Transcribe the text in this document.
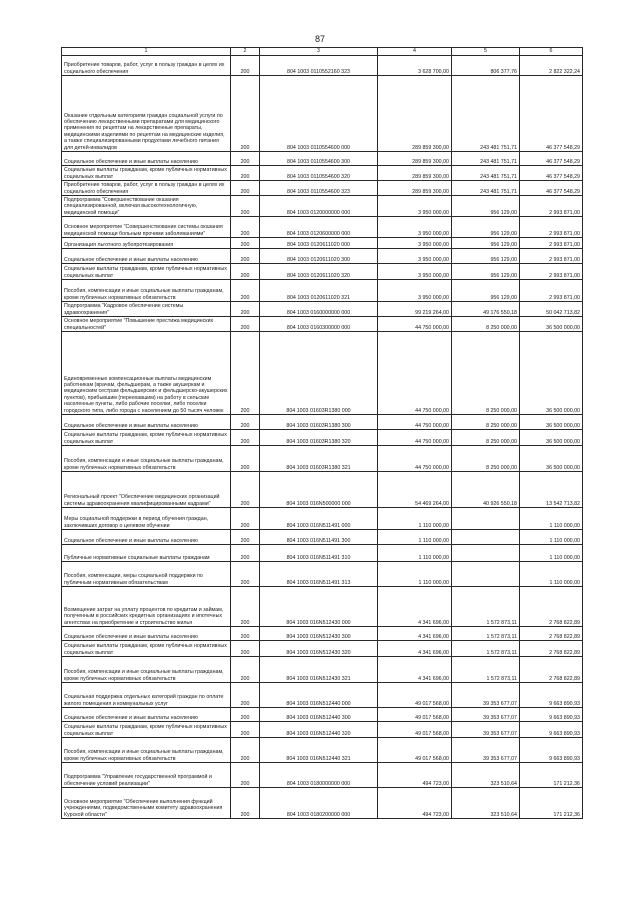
87
1	2	3	4	5	6
Приобретение товаров, работ, услуг в пользу граждан в целях их социального обеспечения	200	804 1003 0110552160 323	3 628 700,00	806 377,76	2 822 322,24
Оказание отдельным категориям граждан социальной услуги по обеспечению лекарственными препаратами для медицинского применения по рецептам на лекарственные препараты, медицинскими изделиями по рецептам на медицинские изделия, а также специализированными продуктами лечебного питания для детей-инвалидов	200	804 1003 0110554600 000	289 859 300,00	243 481 751,71	46 377 548,29
Социальное обеспечение и иные выплаты населению	200	804 1003 0110554600 300	289 859 300,00	243 481 751,71	46 377 548,29
Социальные выплаты гражданам, кроме публичных нормативных социальных выплат	200	804 1003 0110554600 320	289 859 300,00	243 481 751,71	46 377 548,29
Приобретение товаров, работ, услуг в пользу граждан в целях их социального обеспечения	200	804 1003 0110554600 323	289 859 300,00	243 481 751,71	46 377 548,29
Подпрограмма "Совершенствование оказания специализированной, включая высокотехнологичную, медицинской помощи"	200	804 1003 0120000000 000	3 950 000,00	956 129,00	2 993 871,00
Основное мероприятие "Совершенствование системы оказания медицинской помощи больным прочими заболеваниями"	200	804 1003 0120600000 000	3 950 000,00	956 129,00	2 993 871,00
Организация льготного зубопротезирования	200	804 1003 0120611020 000	3 950 000,00	956 129,00	2 993 871,00
Социальное обеспечение и иные выплаты населению	200	804 1003 0120611020 300	3 950 000,00	956 129,00	2 993 871,00
Социальные выплаты гражданам, кроме публичных нормативных социальных выплат	200	804 1003 0120611020 320	3 950 000,00	956 129,00	2 993 871,00
Пособия, компенсации и иные социальные выплаты гражданам, кроме публичных нормативных обязательств	200	804 1003 0120611020 321	3 950 000,00	956 129,00	2 993 871,00
Подпрограмма "Кадровое обеспечение системы здравоохранения"	200	804 1003 0160000000 000	99 219 264,00	49 176 550,18	50 042 713,82
Основное мероприятие "Повышение престижа медицинских специальностей"	200	804 1003 0160300000 000	44 750 000,00	8 250 000,00	36 500 000,00
Единовременные компенсационные выплаты медицинским работникам (врачам, фельдшерам, а также акушеркам и медицинским сестрам фельдшерских и фельдшерско-акушерских пунктов), прибывшим (переехавшим) на работу в сельские населенные пункты, либо рабочие поселки, либо поселки городского типа, либо города с населением до 50 тысяч человек	200	804 1003 01603R1380 000	44 750 000,00	8 250 000,00	36 500 000,00
Социальное обеспечение и иные выплаты населению	200	804 1003 01603R1380 300	44 750 000,00	8 250 000,00	36 500 000,00
Социальные выплаты гражданам, кроме публичных нормативных социальных выплат	200	804 1003 01603R1380 320	44 750 000,00	8 250 000,00	36 500 000,00
Пособия, компенсации и иные социальные выплаты гражданам, кроме публичных нормативных обязательств	200	804 1003 01603R1380 321	44 750 000,00	8 250 000,00	36 500 000,00
Региональный проект "Обеспечение медицинских организаций системы здравоохранения квалифицированными кадрами"	200	804 1003 016N500000 000	54 469 264,00	40 926 550,18	13 542 713,82
Меры социальной поддержки в период обучения граждан, заключивших договор о целевом обучении	200	804 1003 016N511491 000	1 110 000,00		1 110 000,00
Социальное обеспечение и иные выплаты населению	200	804 1003 016N511491 300	1 110 000,00		1 110 000,00
Публичные нормативные социальные выплаты гражданам	200	804 1003 016N511491 310	1 110 000,00		1 110 000,00
Пособия, компенсации, меры социальной поддержки по публичным нормативным обязательствам	200	804 1003 016N511491 313	1 110 000,00		1 110 000,00
Возмещение затрат на уплату процентов по кредитам и займам, полученным в российских кредитных организациях и ипотечных агентствах на приобретение и строительство жилья	200	804 1003 016N512430 000	4 341 696,00	1 572 873,11	2 768 822,89
Социальное обеспечение и иные выплаты населению	200	804 1003 016N512430 300	4 341 696,00	1 572 873,11	2 768 822,89
Социальные выплаты гражданам, кроме публичных нормативных социальных выплат	200	804 1003 016N512430 320	4 341 696,00	1 572 873,11	2 768 822,89
Пособия, компенсации и иные социальные выплаты гражданам, кроме публичных нормативных обязательств	200	804 1003 016N512430 321	4 341 696,00	1 572 873,11	2 768 822,89
Социальная поддержка отдельных категорий граждан по оплате жилого помещения и коммунальных услуг	200	804 1003 016N512440 000	49 017 568,00	39 353 677,07	9 663 890,93
Социальное обеспечение и иные выплаты населению	200	804 1003 016N512440 300	49 017 568,00	39 353 677,07	9 663 890,93
Социальные выплаты гражданам, кроме публичных нормативных социальных выплат	200	804 1003 016N512440 320	49 017 568,00	39 353 677,07	9 663 890,93
Пособия, компенсации и иные социальные выплаты гражданам, кроме публичных нормативных обязательств	200	804 1003 016N512440 321	49 017 568,00	39 353 677,07	9 663 890,93
Подпрограмма "Управление государственной программой и обеспечение условий реализации"	200	804 1003 0180000000 000	494 723,00	323 510,64	171 212,36
Основное мероприятие "Обеспечение выполнения функций учреждениями, подведомственными комитету здравоохранения Курской области"	200	804 1003 0180200000 000	494 723,00	323 510,64	171 212,36
